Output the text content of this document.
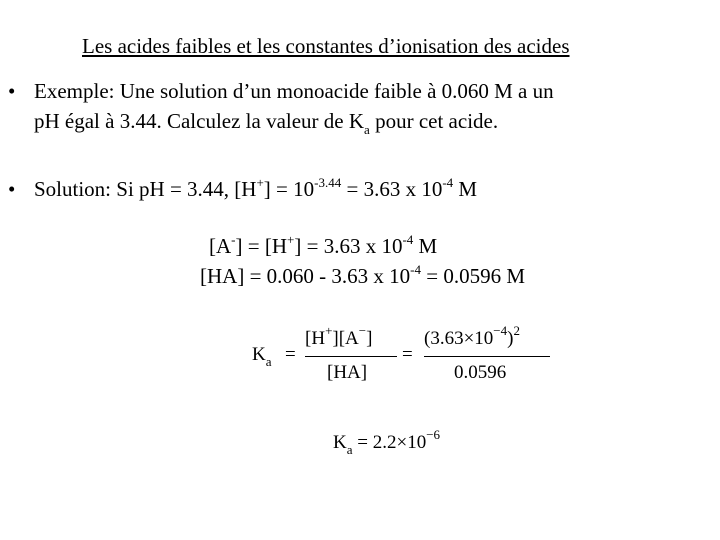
Les acides faibles et les constantes d’ionisation des acides
• Exemple: Une solution d’un monoacide faible à 0.060 M a un
pH égal à 3.44. Calculez la valeur de $K_a$ pour cet acide.
• Solution: Si pH = 3.44, $[H^+] = 10^{-3.44} = 3.63$ x $10^{-4}$ M
[A-] = [H+] = 3.63 x $10^{-4}$ M
[HA] = 0.060 - 3.63 x $10^{-4} = 0.0596$ M
$K_a$ =
[H+][A−]
[HA]
=
$(3.63\times 10^{-4})^2$
0.0596
$K_a = 2.2\times 10^{-6}$
